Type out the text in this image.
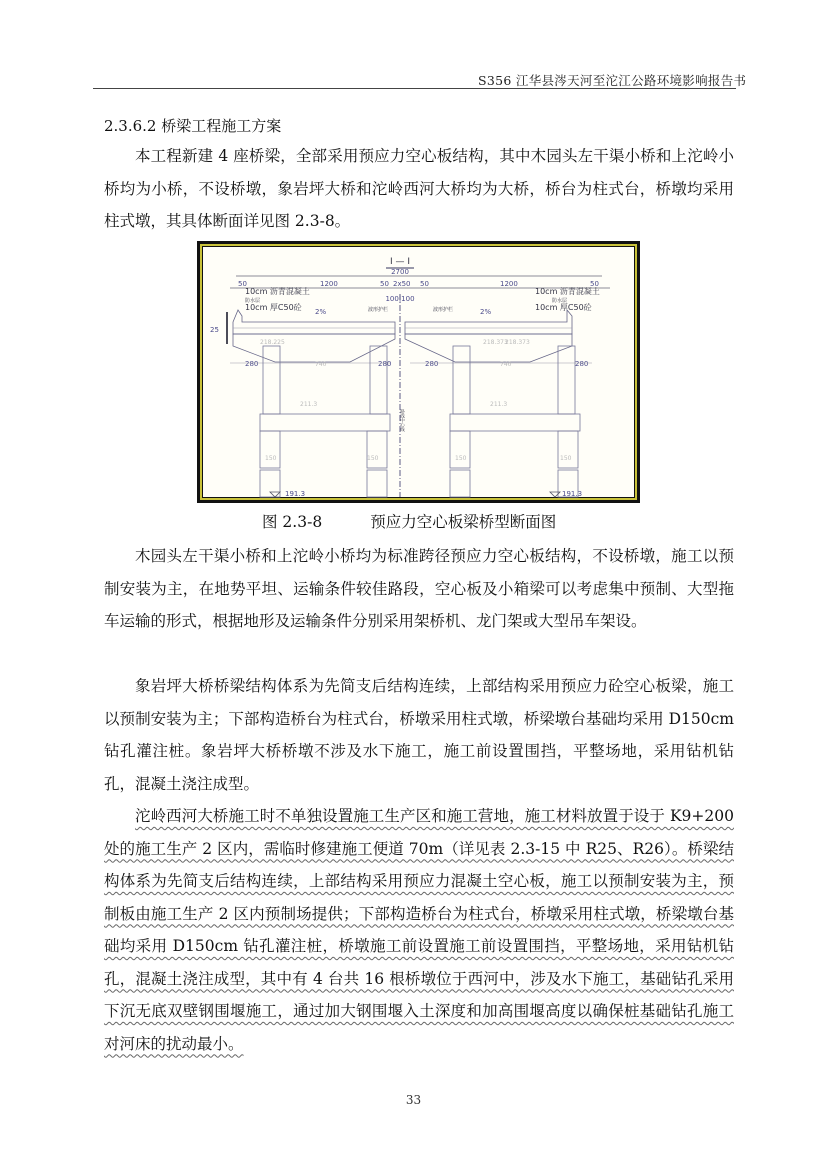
S356 江华县涔天河至沱江公路环境影响报告书
2.3.6.2 桥梁工程施工方案
本工程新建 4 座桥梁，全部采用预应力空心板结构，其中木园头左干渠小桥和上沱岭小桥均为小桥，不设桥墩，象岩坪大桥和沱岭西河大桥均为大桥，桥台为柱式台，桥墩均采用柱式墩，其具体断面详见图 2.3-8。
I — I
2700
50	1200	50 2x50 50	1200	50
100|100
10cm 沥青混凝土
防水层
10cm 厚C50砼
10cm 沥青混凝土
防水层
10cm 厚C50砼
波形护栏	波形护栏
2%	2%
218.225	218.373
218.373
25
280	740	280	280	740	280
211.3	211.3
150	150	150	150
191.3	191.3
路线中心线
图 2.3-8	预应力空心板梁桥型断面图
木园头左干渠小桥和上沱岭小桥均为标准跨径预应力空心板结构，不设桥墩，施工以预制安装为主，在地势平坦、运输条件较佳路段，空心板及小箱梁可以考虑集中预制、大型拖车运输的形式，根据地形及运输条件分别采用架桥机、龙门架或大型吊车架设。
象岩坪大桥桥梁结构体系为先简支后结构连续，上部结构采用预应力砼空心板梁，施工以预制安装为主；下部构造桥台为柱式台，桥墩采用柱式墩，桥梁墩台基础均采用 D150cm 钻孔灌注桩。象岩坪大桥桥墩不涉及水下施工，施工前设置围挡，平整场地，采用钻机钻孔，混凝土浇注成型。
沱岭西河大桥施工时不单独设置施工生产区和施工营地，施工材料放置于设于 K9+200 处的施工生产 2 区内，需临时修建施工便道 70m（详见表 2.3-15 中 R25、R26）。桥梁结构体系为先简支后结构连续，上部结构采用预应力混凝土空心板，施工以预制安装为主，预制板由施工生产 2 区内预制场提供；下部构造桥台为柱式台，桥墩采用柱式墩，桥梁墩台基础均采用 D150cm 钻孔灌注桩，桥墩施工前设置施工前设置围挡，平整场地，采用钻机钻孔，混凝土浇注成型，其中有 4 台共 16 根桥墩位于西河中，涉及水下施工，基础钻孔采用下沉无底双壁钢围堰施工，通过加大钢围堰入土深度和加高围堰高度以确保桩基础钻孔施工对河床的扰动最小。
33
